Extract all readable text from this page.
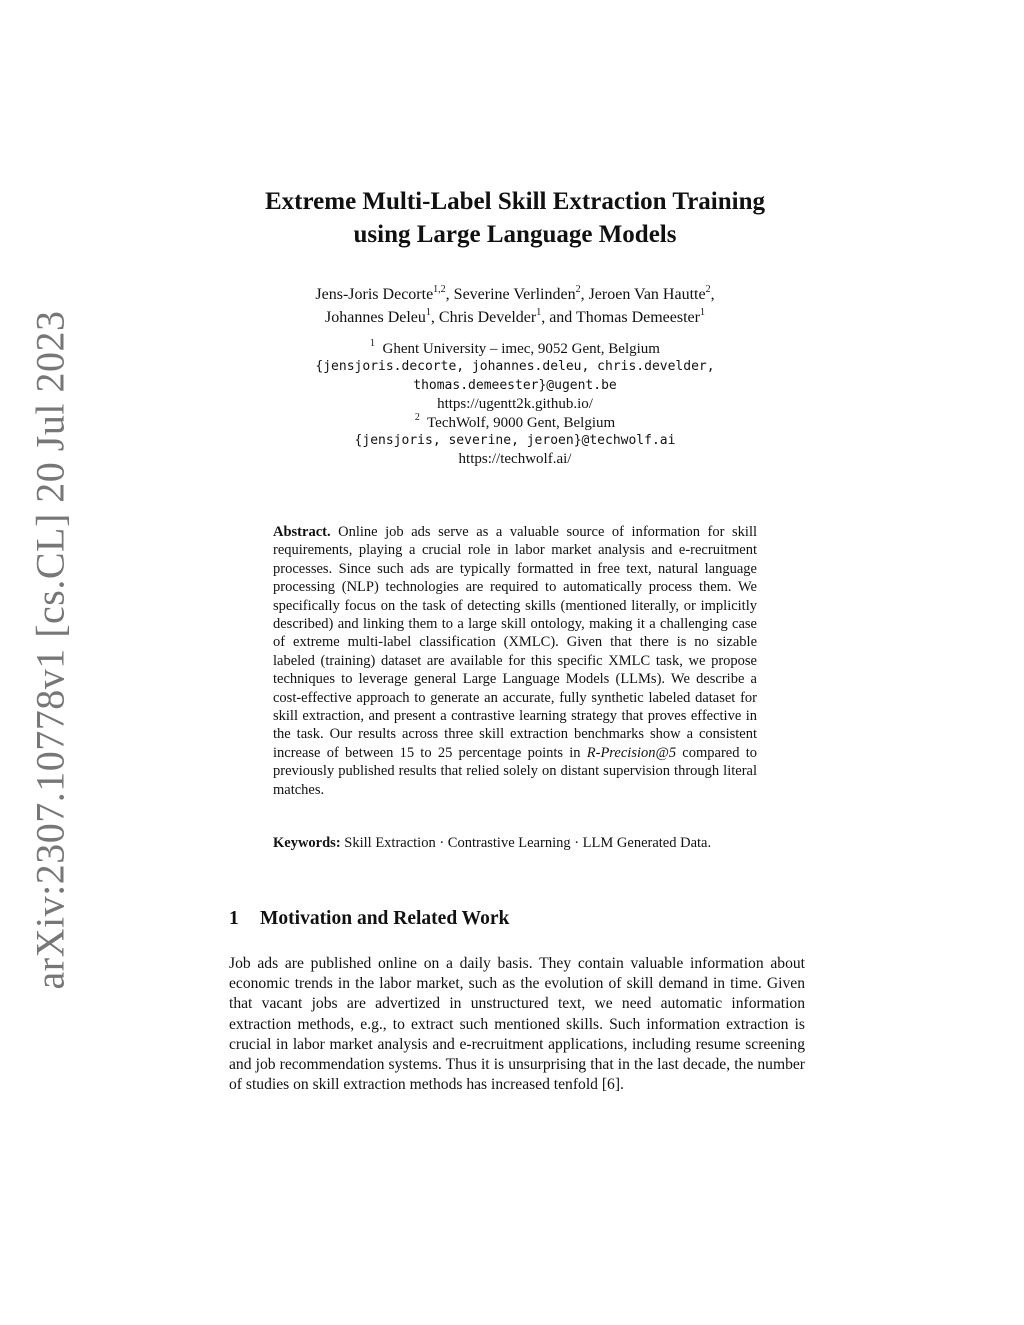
arXiv:2307.10778v1 [cs.CL] 20 Jul 2023
Extreme Multi-Label Skill Extraction Training
using Large Language Models
Jens-Joris Decorte$^{1,2}$, Severine Verlinden$^2$, Jeroen Van Hautte$^2$,
Johannes Deleu$^1$, Chris Develder$^1$, and Thomas Demeester$^1$
$^1$ Ghent University – imec, 9052 Gent, Belgium
{jensjoris.decorte, johannes.deleu, chris.develder,
thomas.demeester}@ugent.be
https://ugentt2k.github.io/
$^2$ TechWolf, 9000 Gent, Belgium
{jensjoris, severine, jeroen}@techwolf.ai
https://techwolf.ai/
Abstract. Online job ads serve as a valuable source of information for skill requirements, playing a crucial role in labor market analysis and e-recruitment processes. Since such ads are typically formatted in free text, natural language processing (NLP) technologies are required to automatically process them. We specifically focus on the task of detecting skills (mentioned literally, or implicitly described) and linking them to a large skill ontology, making it a challenging case of extreme multi-label classification (XMLC). Given that there is no sizable labeled (training) dataset are available for this specific XMLC task, we propose techniques to leverage general Large Language Models (LLMs). We describe a cost-effective approach to generate an accurate, fully synthetic labeled dataset for skill extraction, and present a contrastive learning strategy that proves effective in the task. Our results across three skill extraction benchmarks show a consistent increase of between 15 to 25 percentage points in R-Precision@5 compared to previously published results that relied solely on distant supervision through literal matches.
Keywords: Skill Extraction · Contrastive Learning · LLM Generated Data.
1 Motivation and Related Work
Job ads are published online on a daily basis. They contain valuable information about economic trends in the labor market, such as the evolution of skill demand in time. Given that vacant jobs are advertized in unstructured text, we need automatic information extraction methods, e.g., to extract such mentioned skills. Such information extraction is crucial in labor market analysis and e-recruitment applications, including resume screening and job recommendation systems. Thus it is unsurprising that in the last decade, the number of studies on skill extraction methods has increased tenfold [6].
